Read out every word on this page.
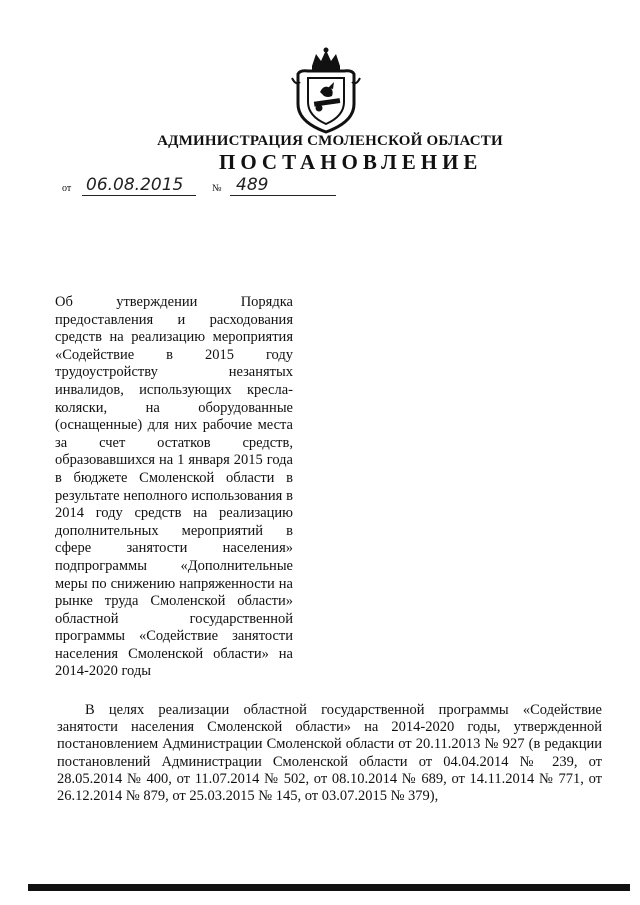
АДМИНИСТРАЦИЯ СМОЛЕНСКОЙ ОБЛАСТИ
ПОСТАНОВЛЕНИЕ
от 06.08.2015	№ 489
Об утверждении Порядка предоставления и расходования средств на реализацию мероприятия «Содействие в 2015 году трудоустройству незанятых инвалидов, использующих кресла-коляски, на оборудованные (оснащенные) для них рабочие места за счет остатков средств, образовавшихся на 1 января 2015 года в бюджете Смоленской области в результате неполного использования в 2014 году средств на реализацию дополнительных мероприятий в сфере занятости населения» подпрограммы «Дополнительные меры по снижению напряженности на рынке труда Смоленской области» областной государственной программы «Содействие занятости населения Смоленской области» на 2014-2020 годы
В целях реализации областной государственной программы «Содействие занятости населения Смоленской области» на 2014-2020 годы, утвержденной постановлением Администрации Смоленской области от 20.11.2013 № 927 (в редакции постановлений Администрации Смоленской области от 04.04.2014 № 239, от 28.05.2014 № 400, от 11.07.2014 № 502, от 08.10.2014 № 689, от 14.11.2014 № 771, от 26.12.2014 № 879, от 25.03.2015 № 145, от 03.07.2015 № 379),
